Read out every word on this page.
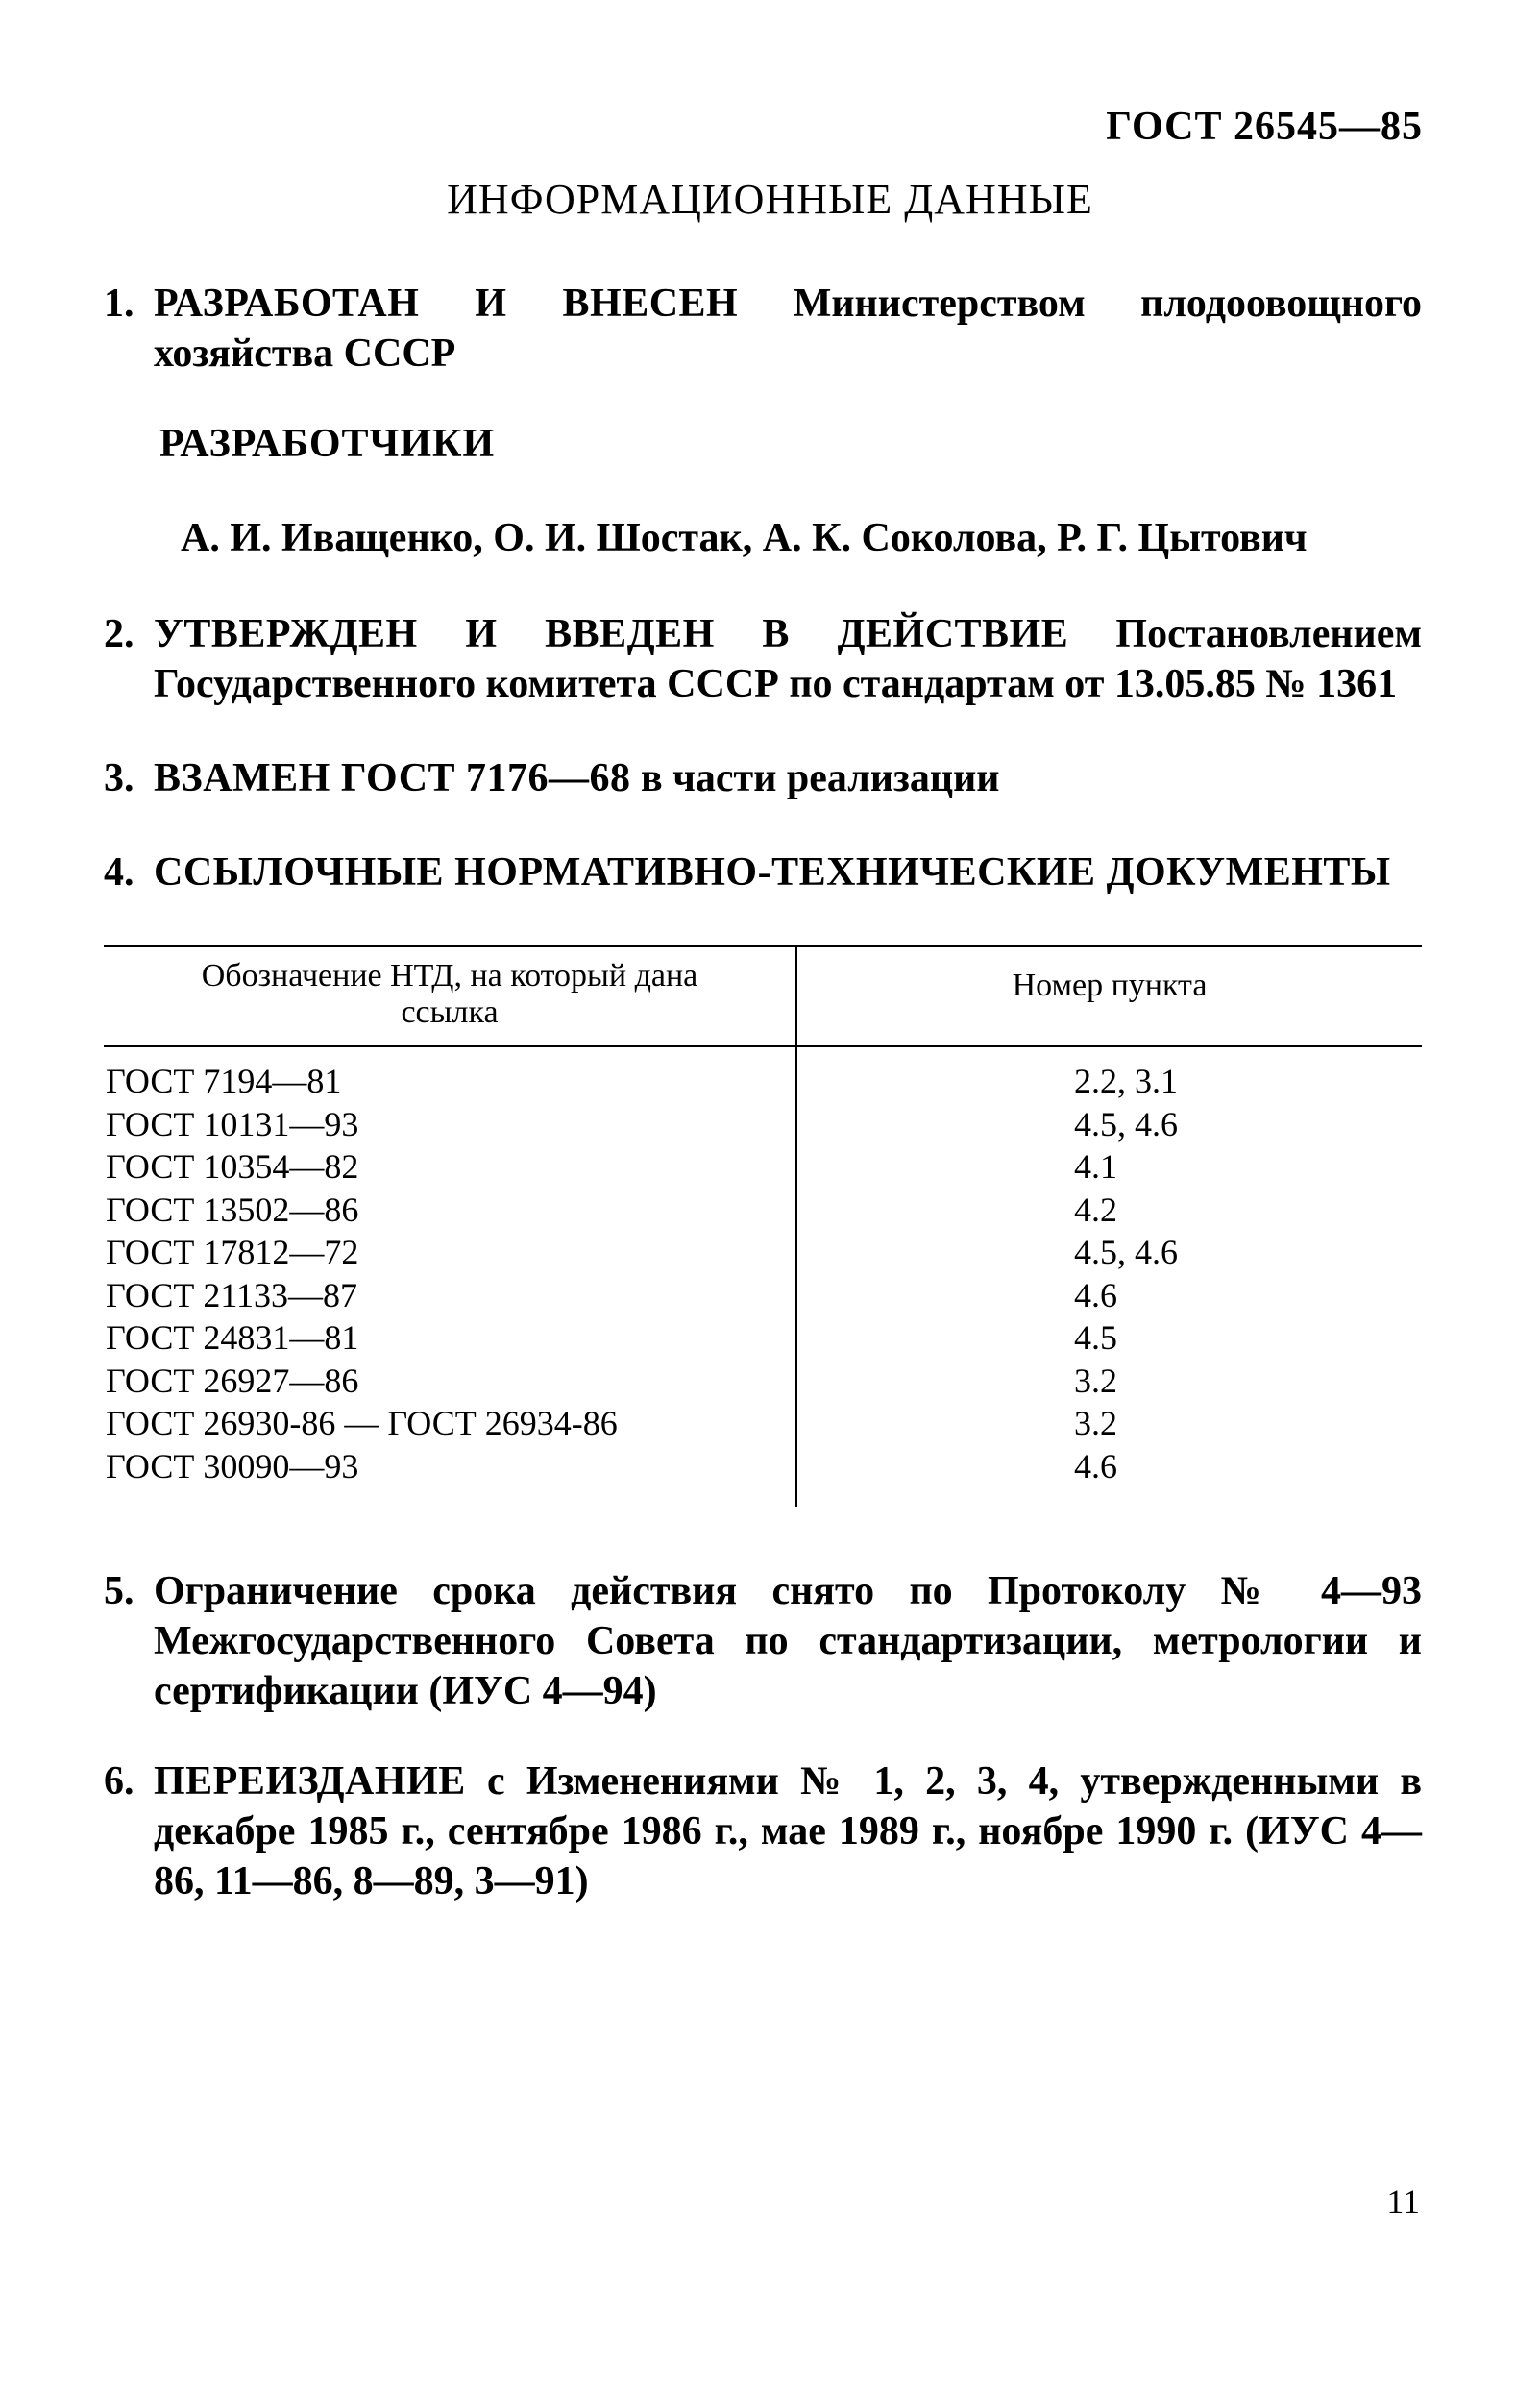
ГОСТ 26545—85
ИНФОРМАЦИОННЫЕ ДАННЫЕ
1. РАЗРАБОТАН И ВНЕСЕН Министерством плодоовощного хозяйства СССР
РАЗРАБОТЧИКИ
А. И. Иващенко, О. И. Шостак, А. К. Соколова, Р. Г. Цытович
2. УТВЕРЖДЕН И ВВЕДЕН В ДЕЙСТВИЕ Постановлением Государственного комитета СССР по стандартам от 13.05.85 № 1361
3. ВЗАМЕН ГОСТ 7176—68 в части реализации
4. ССЫЛОЧНЫЕ НОРМАТИВНО-ТЕХНИЧЕСКИЕ ДОКУМЕНТЫ
Обозначение НТД, на который дана ссылка
Номер пункта
ГОСТ 7194—81	2.2, 3.1
ГОСТ 10131—93	4.5, 4.6
ГОСТ 10354—82	4.1
ГОСТ 13502—86	4.2
ГОСТ 17812—72	4.5, 4.6
ГОСТ 21133—87	4.6
ГОСТ 24831—81	4.5
ГОСТ 26927—86	3.2
ГОСТ 26930-86 — ГОСТ 26934-86	3.2
ГОСТ 30090—93	4.6
5. Ограничение срока действия снято по Протоколу № 4—93 Межгосударственного Совета по стандартизации, метрологии и сертификации (ИУС 4—94)
6. ПЕРЕИЗДАНИЕ с Изменениями № 1, 2, 3, 4, утвержденными в декабре 1985 г., сентябре 1986 г., мае 1989 г., ноябре 1990 г. (ИУС 4—86, 11—86, 8—89, 3—91)
11
